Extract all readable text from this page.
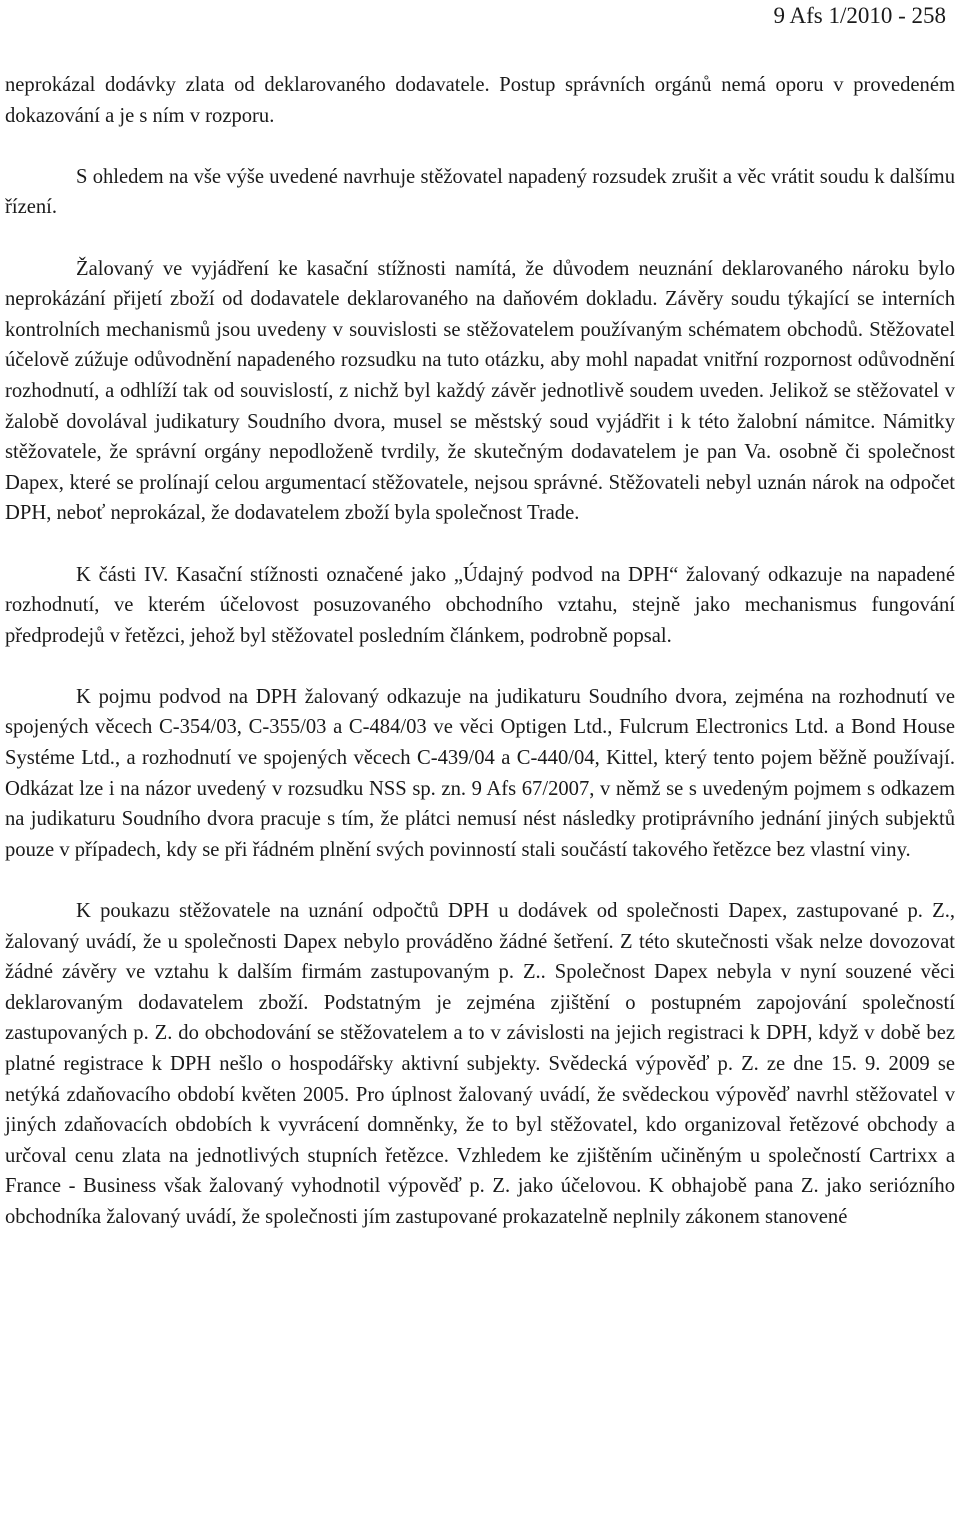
9 Afs 1/2010 - 258

neprokázal dodávky zlata od deklarovaného dodavatele. Postup správních orgánů nemá oporu v provedeném dokazování a je s ním v rozporu.

S ohledem na vše výše uvedené navrhuje stěžovatel napadený rozsudek zrušit a věc vrátit soudu k dalšímu řízení.

Žalovaný ve vyjádření ke kasační stížnosti namítá, že důvodem neuznání deklarovaného nároku bylo neprokázání přijetí zboží od dodavatele deklarovaného na daňovém dokladu. Závěry soudu týkající se interních kontrolních mechanismů jsou uvedeny v souvislosti se stěžovatelem používaným schématem obchodů. Stěžovatel účelově zúžuje odůvodnění napadeného rozsudku na tuto otázku, aby mohl napadat vnitřní rozpornost odůvodnění rozhodnutí, a odhlíží tak od souvislostí, z nichž byl každý závěr jednotlivě soudem uveden. Jelikož se stěžovatel v žalobě dovolával judikatury Soudního dvora, musel se městský soud vyjádřit i k této žalobní námitce. Námitky stěžovatele, že správní orgány nepodloženě tvrdily, že skutečným dodavatelem je pan Va. osobně či společnost Dapex, které se prolínají celou argumentací stěžovatele, nejsou správné. Stěžovateli nebyl uznán nárok na odpočet DPH, neboť neprokázal, že dodavatelem zboží byla společnost Trade.

K části IV. Kasační stížnosti označené jako „Údajný podvod na DPH“ žalovaný odkazuje na napadené rozhodnutí, ve kterém účelovost posuzovaného obchodního vztahu, stejně jako mechanismus fungování předprodejů v řetězci, jehož byl stěžovatel posledním článkem, podrobně popsal.

K pojmu podvod na DPH žalovaný odkazuje na judikaturu Soudního dvora, zejména na rozhodnutí ve spojených věcech C-354/03, C-355/03 a C-484/03 ve věci Optigen Ltd., Fulcrum Electronics Ltd. a Bond House Systéme Ltd., a rozhodnutí ve spojených věcech C-439/04 a C-440/04, Kittel, který tento pojem běžně používají. Odkázat lze i na názor uvedený v rozsudku NSS sp. zn. 9 Afs 67/2007, v němž se s uvedeným pojmem s odkazem na judikaturu Soudního dvora pracuje s tím, že plátci nemusí nést následky protiprávního jednání jiných subjektů pouze v případech, kdy se při řádném plnění svých povinností stali součástí takového řetězce bez vlastní viny.

K poukazu stěžovatele na uznání odpočtů DPH u dodávek od společnosti Dapex, zastupované p. Z., žalovaný uvádí, že u společnosti Dapex nebylo prováděno žádné šetření. Z této skutečnosti však nelze dovozovat žádné závěry ve vztahu k dalším firmám zastupovaným p. Z.. Společnost Dapex nebyla v nyní souzené věci deklarovaným dodavatelem zboží. Podstatným je zejména zjištění o postupném zapojování společností zastupovaných p. Z. do obchodování se stěžovatelem a to v závislosti na jejich registraci k DPH, když v době bez platné registrace k DPH nešlo o hospodářsky aktivní subjekty. Svědecká výpověď p. Z. ze dne 15. 9. 2009 se netýká zdaňovacího období květen 2005. Pro úplnost žalovaný uvádí, že svědeckou výpověď navrhl stěžovatel v jiných zdaňovacích obdobích k vyvrácení domněnky, že to byl stěžovatel, kdo organizoval řetězové obchody a určoval cenu zlata na jednotlivých stupních řetězce. Vzhledem ke zjištěním učiněným u společností Cartrixx a France - Business však žalovaný vyhodnotil výpověď p. Z. jako účelovou. K obhajobě pana Z. jako seriózního obchodníka žalovaný uvádí, že společnosti jím zastupované prokazatelně neplnily zákonem stanovené
